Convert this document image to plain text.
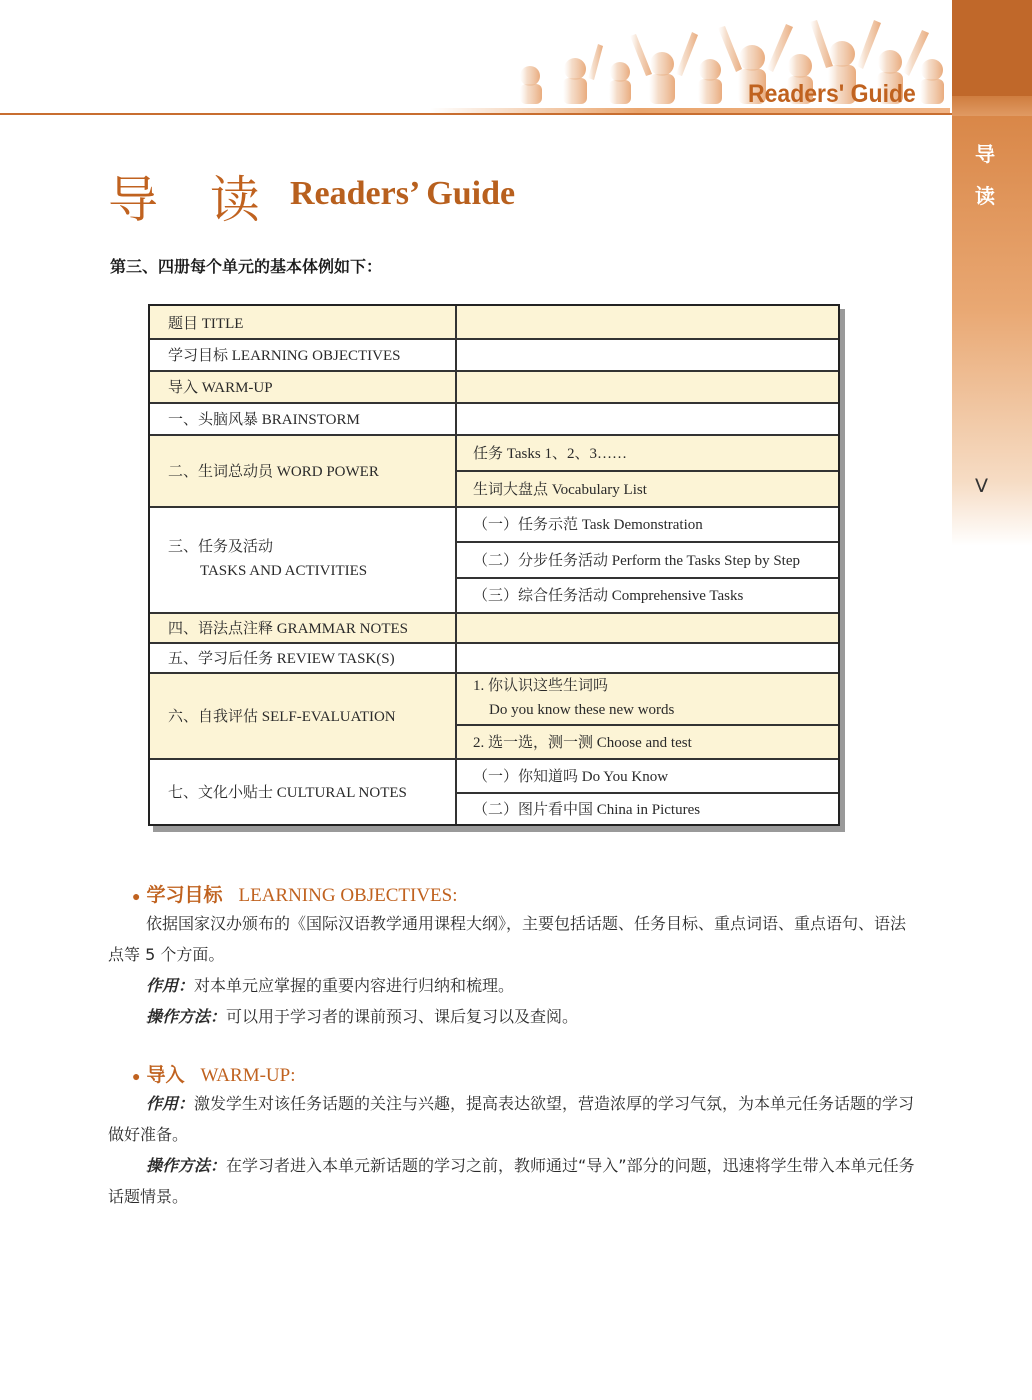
Readers' Guide
导
读
V
导 读 Readers’ Guide
第三、四册每个单元的基本体例如下：
题目 TITLE
学习目标 LEARNING OBJECTIVES
导入 WARM-UP
一、头脑风暴 BRAINSTORM
二、生词总动员 WORD POWER
任务 Tasks 1、2、3……
生词大盘点 Vocabulary List
三、任务及活动
TASKS AND ACTIVITIES
（一）任务示范 Task Demonstration
（二）分步任务活动 Perform the Tasks Step by Step
（三）综合任务活动 Comprehensive Tasks
四、语法点注释 GRAMMAR NOTES
五、学习后任务 REVIEW TASK(S)
六、自我评估 SELF-EVALUATION
1. 你认识这些生词吗
Do you know these new words
2. 选一选，测一测 Choose and test
七、文化小贴士 CULTURAL NOTES
（一）你知道吗 Do You Know
（二）图片看中国 China in Pictures
● 学习目标 LEARNING OBJECTIVES:
依据国家汉办颁布的《国际汉语教学通用课程大纲》，主要包括话题、任务目标、重点词语、重点语句、语法点等 5 个方面。
作用：对本单元应掌握的重要内容进行归纳和梳理。
操作方法：可以用于学习者的课前预习、课后复习以及查阅。
● 导入 WARM-UP:
作用：激发学生对该任务话题的关注与兴趣，提高表达欲望，营造浓厚的学习气氛，为本单元任务话题的学习做好准备。
操作方法：在学习者进入本单元新话题的学习之前，教师通过“导入”部分的问题，迅速将学生带入本单元任务话题情景。
